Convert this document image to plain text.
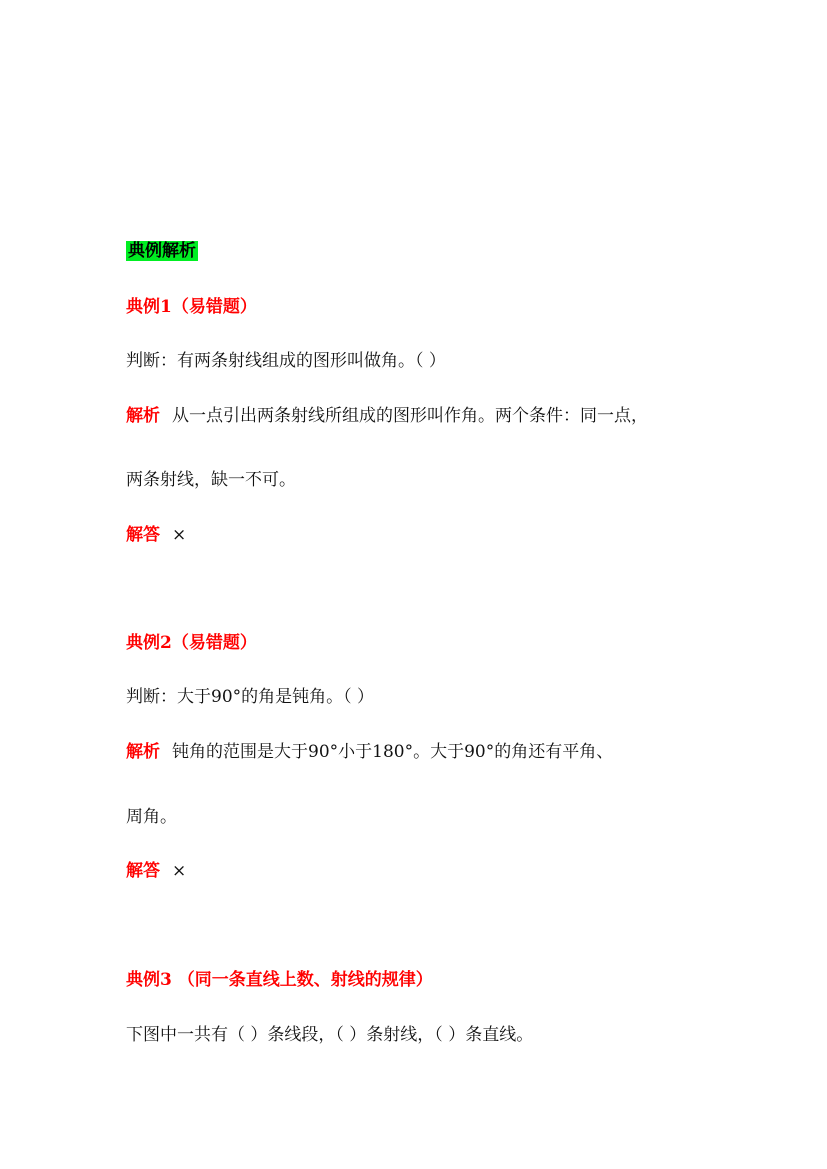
典例解析

典例1（易错题）

判断：有两条射线组成的图形叫做角。（ ）

解析 从一点引出两条射线所组成的图形叫作角。两个条件：同一点，

两条射线，缺一不可。

解答 ×

典例2（易错题）

判断：大于90°的角是钝角。（ ）

解析 钝角的范围是大于90°小于180°。大于90°的角还有平角、

周角。

解答 ×

典例3 （同一条直线上数、射线的规律）

下图中一共有（ ）条线段，（ ）条射线，（ ）条直线。
